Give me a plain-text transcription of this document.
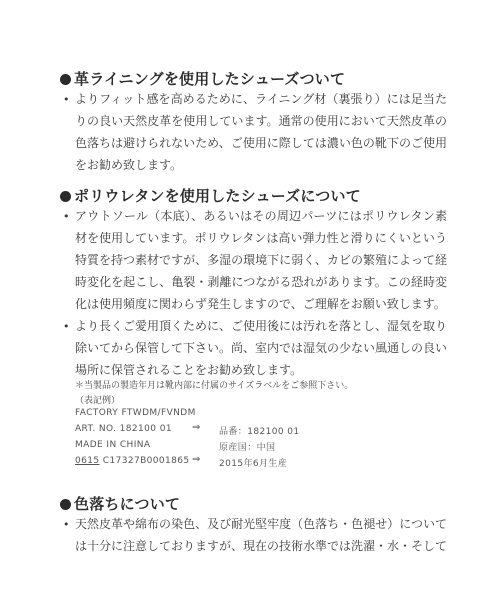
革ライニングを使用したシューズついて
• よりフィット感を高めるために、ライニング材（裏張り）には足当たりの良い天然皮革を使用しています。通常の使用において天然皮革の色落ちは避けられないため、ご使用に際しては濃い色の靴下のご使用をお勧め致します。
ポリウレタンを使用したシューズについて
• アウトソール（本底）、あるいはその周辺パーツにはポリウレタン素材を使用しています。ポリウレタンは高い弾力性と滑りにくいという特質を持つ素材ですが、多湿の環境下に弱く、カビの繁殖によって経時変化を起こし、亀裂・剥離につながる恐れがあります。この経時変化は使用頻度に関わらず発生しますので、ご理解をお願い致します。
• より長くご愛用頂くために、ご使用後には汚れを落とし、湿気を取り除いてから保管して下さい。尚、室内では湿気の少ない風通しの良い場所に保管されることをお勧め致します。
＊当製品の製造年月は靴内部に付属のサイズラベルをご参照下さい。
（表記例）
FACTORY FTWDM/FVNDM
ART. NO. 182100 01
MADE IN CHINA
0615 C17327B0001865
⇒
⇒
品番：182100 01
原産国：中国
2015年6月生産
色落ちについて
• 天然皮革や綿布の染色、及び耐光堅牢度（色落ち・色褪せ）については十分に注意しておりますが、現在の技術水準では洗濯・水・そして
